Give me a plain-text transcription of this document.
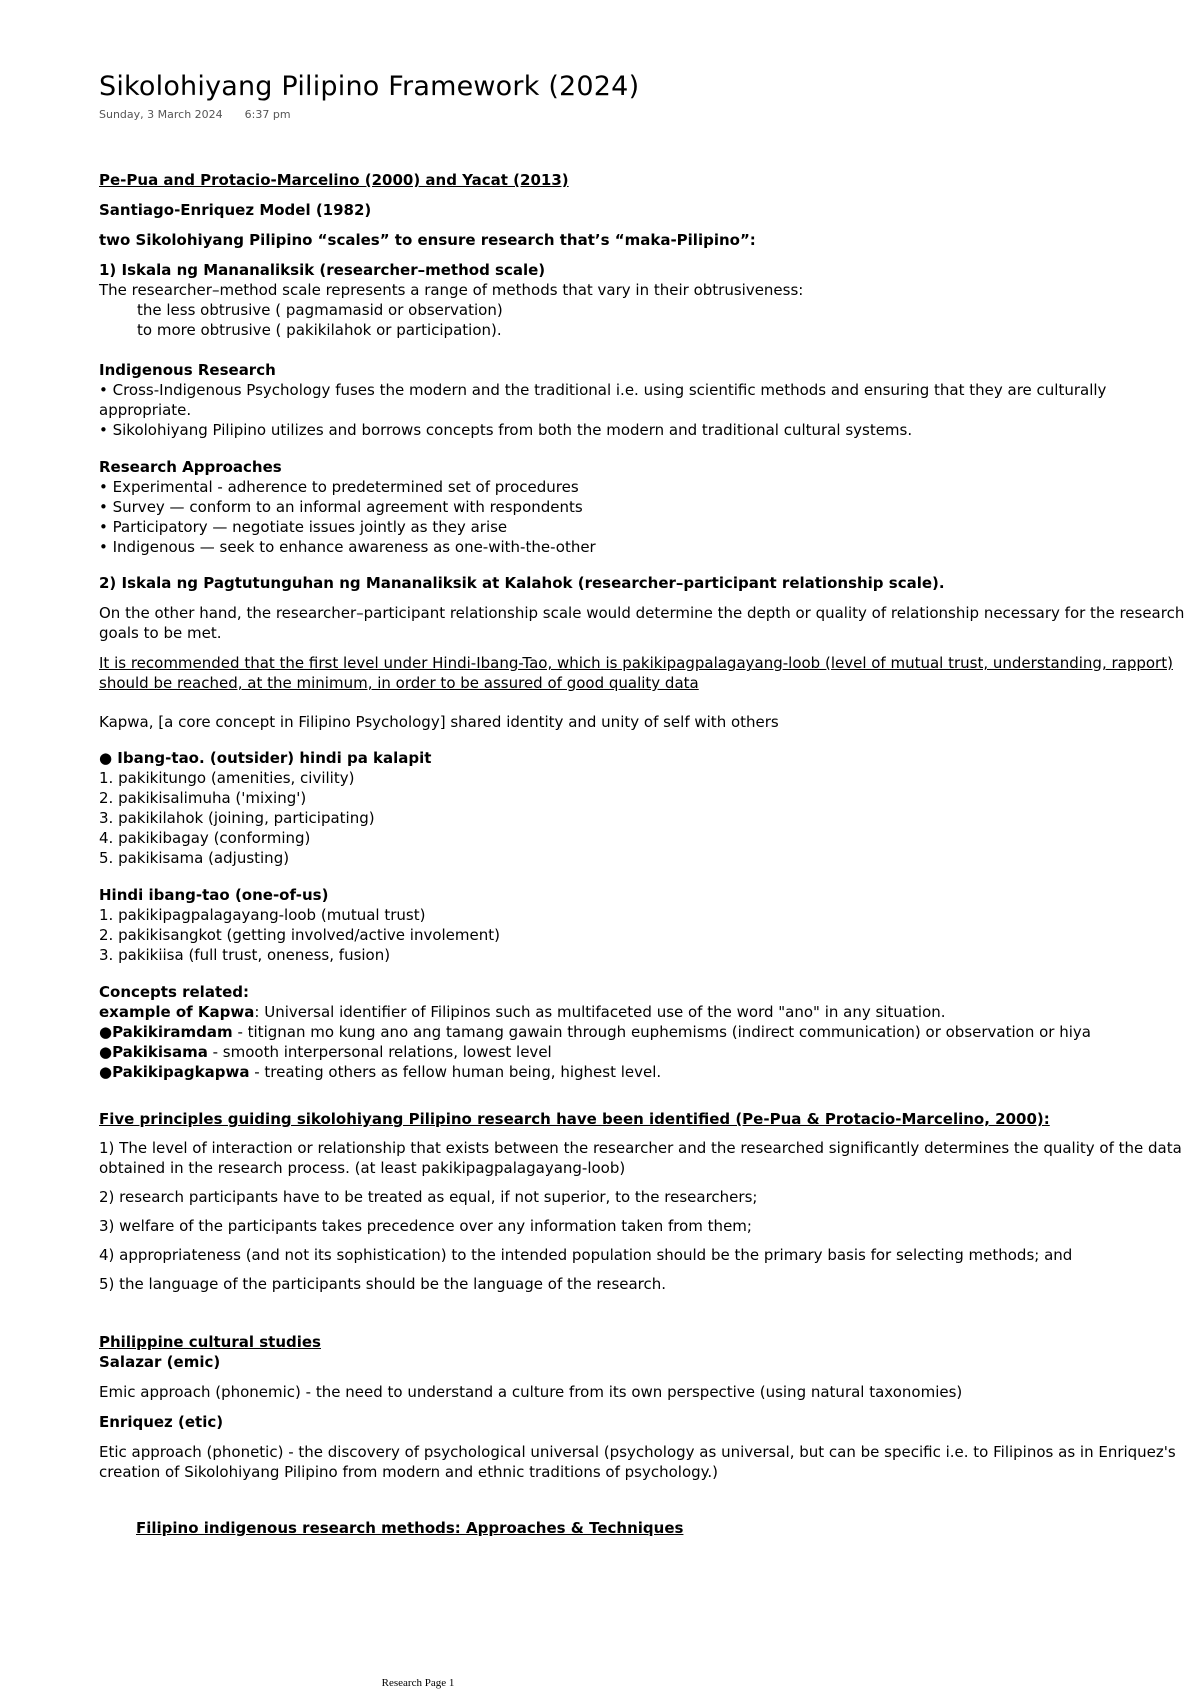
Sikolohiyang Pilipino Framework (2024)
Sunday, 3 March 2024 6:37 pm

Pe-Pua and Protacio-Marcelino (2000) and Yacat (2013)

Santiago-Enriquez Model (1982)

two Sikolohiyang Pilipino “scales” to ensure research that’s “maka-Pilipino”:

1) Iskala ng Mananaliksik (researcher–method scale)

The researcher–method scale represents a range of methods that vary in their obtrusiveness:

the less obtrusive ( pagmamasid or observation)

to more obtrusive ( pakikilahok or participation).

Indigenous Research

• Cross-Indigenous Psychology fuses the modern and the traditional i.e. using scientific methods and ensuring that they are culturally appropriate.

• Sikolohiyang Pilipino utilizes and borrows concepts from both the modern and traditional cultural systems.

Research Approaches

• Experimental - adherence to predetermined set of procedures

• Survey — conform to an informal agreement with respondents

• Participatory — negotiate issues jointly as they arise

• Indigenous — seek to enhance awareness as one-with-the-other

2) Iskala ng Pagtutunguhan ng Mananaliksik at Kalahok (researcher–participant relationship scale).

On the other hand, the researcher–participant relationship scale would determine the depth or quality of relationship necessary for the research goals to be met.

It is recommended that the first level under Hindi-Ibang-Tao, which is pakikipagpalagayang-loob (level of mutual trust, understanding, rapport) should be reached, at the minimum, in order to be assured of good quality data

Kapwa, [a core concept in Filipino Psychology] shared identity and unity of self with others

● Ibang-tao. (outsider) hindi pa kalapit

1. pakikitungo (amenities, civility)

2. pakikisalimuha ('mixing')

3. pakikilahok (joining, participating)

4. pakikibagay (conforming)

5. pakikisama (adjusting)

Hindi ibang-tao (one-of-us)

1. pakikipagpalagayang-loob (mutual trust)

2. pakikisangkot (getting involved/active involement)

3. pakikiisa (full trust, oneness, fusion)

Concepts related:

example of Kapwa: Universal identifier of Filipinos such as multifaceted use of the word "ano" in any situation.

●Pakikiramdam - titignan mo kung ano ang tamang gawain through euphemisms (indirect communication) or observation or hiya

●Pakikisama - smooth interpersonal relations, lowest level

●Pakikipagkapwa - treating others as fellow human being, highest level.

Five principles guiding sikolohiyang Pilipino research have been identified (Pe-Pua & Protacio-Marcelino, 2000):

1) The level of interaction or relationship that exists between the researcher and the researched significantly determines the quality of the data obtained in the research process. (at least pakikipagpalagayang-loob)

2) research participants have to be treated as equal, if not superior, to the researchers;

3) welfare of the participants takes precedence over any information taken from them;

4) appropriateness (and not its sophistication) to the intended population should be the primary basis for selecting methods; and

5) the language of the participants should be the language of the research.

Philippine cultural studies

Salazar (emic)

Emic approach (phonemic) - the need to understand a culture from its own perspective (using natural taxonomies)

Enriquez (etic)

Etic approach (phonetic) - the discovery of psychological universal (psychology as universal, but can be specific i.e. to Filipinos as in Enriquez's creation of Sikolohiyang Pilipino from modern and ethnic traditions of psychology.)

Filipino indigenous research methods: Approaches & Techniques

Research Page 1
